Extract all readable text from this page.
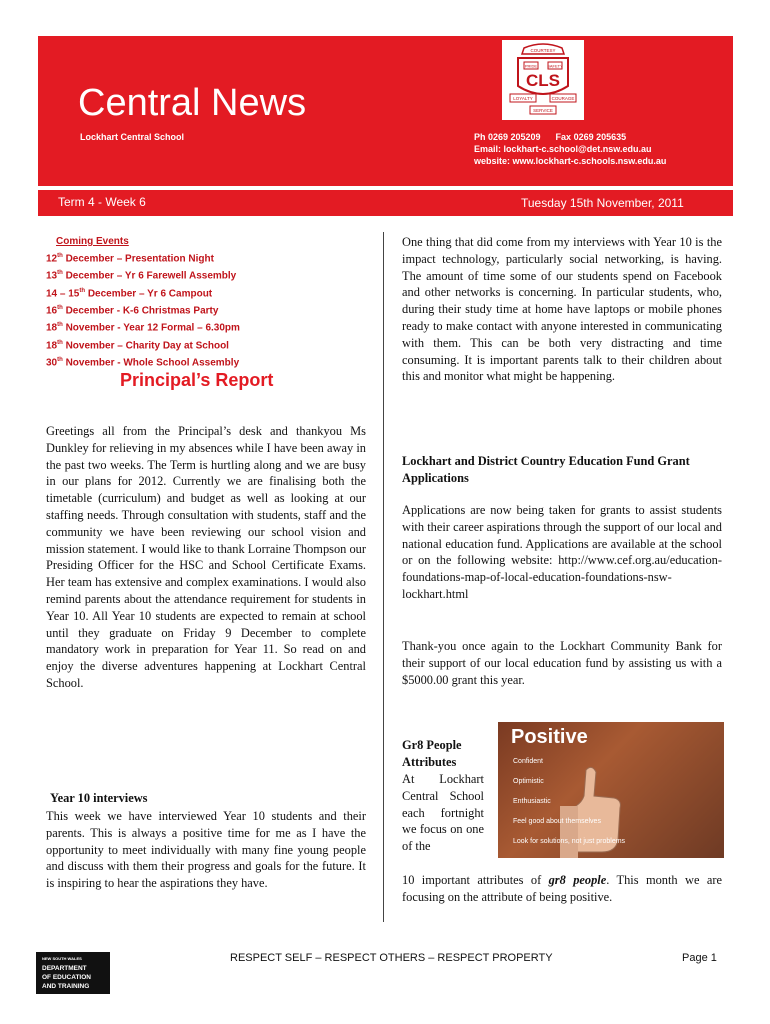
Central News
Lockhart Central School	Ph 0269 205209      Fax 0269 205635
Email: lockhart-c.school@det.nsw.edu.au
website: www.lockhart-c.schools.nsw.edu.au
COURTESY
PRIDE	SAFETY
CLS
LOYALTY	COURAGE
SERVICE
Term 4 - Week 6	Tuesday 15th November, 2011
Coming Events
12th December – Presentation Night
13th December – Yr 6 Farewell Assembly
14 – 15th December – Yr 6 Campout
16th December - K-6 Christmas Party
18th November - Year 12 Formal – 6.30pm
18th November – Charity Day at School
30th November - Whole School Assembly
Principal’s Report

Greetings all from the Principal’s desk and thankyou Ms Dunkley for relieving in my absences while I have been away in the past two weeks. The Term is hurtling along and we are busy in our plans for 2012. Currently we are finalising both the timetable (curriculum) and budget as well as looking at our staffing needs. Through consultation with students, staff and the community we have been reviewing our school vision and mission statement. I would like to thank Lorraine Thompson our Presiding Officer for the HSC and School Certificate Exams. Her team has extensive and complex examinations. I would also remind parents about the attendance requirement for students in Year 10. All Year 10 students are expected to remain at school until they graduate on Friday 9 December to complete mandatory work in preparation for Year 11. So read on and enjoy the diverse adventures happening at Lockhart Central School.

Year 10 interviews

This week we have interviewed Year 10 students and their parents. This is always a positive time for me as I have the opportunity to meet individually with many fine young people and discuss with them their progress and goals for the future. It is inspiring to hear the aspirations they have.

One thing that did come from my interviews with Year 10 is the impact technology, particularly social networking, is having. The amount of time some of our students spend on Facebook and other networks is concerning. In particular students, who, during their study time at home have laptops or mobile phones ready to make contact with anyone interested in communicating with them. This can be both very distracting and time consuming. It is important parents talk to their children about this and monitor what might be happening.

Lockhart and District Country Education Fund Grant Applications

Applications are now being taken for grants to assist students with their career aspirations through the support of our local and national education fund. Applications are available at the school or on the following website: http://www.cef.org.au/education-foundations-map-of-local-education-foundations-nsw-lockhart.html

Thank-you once again to the Lockhart Community Bank for their support of our local education fund by assisting us with a $5000.00 grant this year.

Gr8 People Attributes

At Lockhart Central School each fortnight we focus on one of the

10 important attributes of gr8 people. This month we are focusing on the attribute of being positive.

Positive
Confident
Optimistic
Enthusiastic
Feel good about themselves
Look for solutions, not just problems
NEW SOUTH WALES
DEPARTMENT
OF EDUCATION
AND TRAINING
RESPECT SELF – RESPECT OTHERS – RESPECT PROPERTY	Page 1
